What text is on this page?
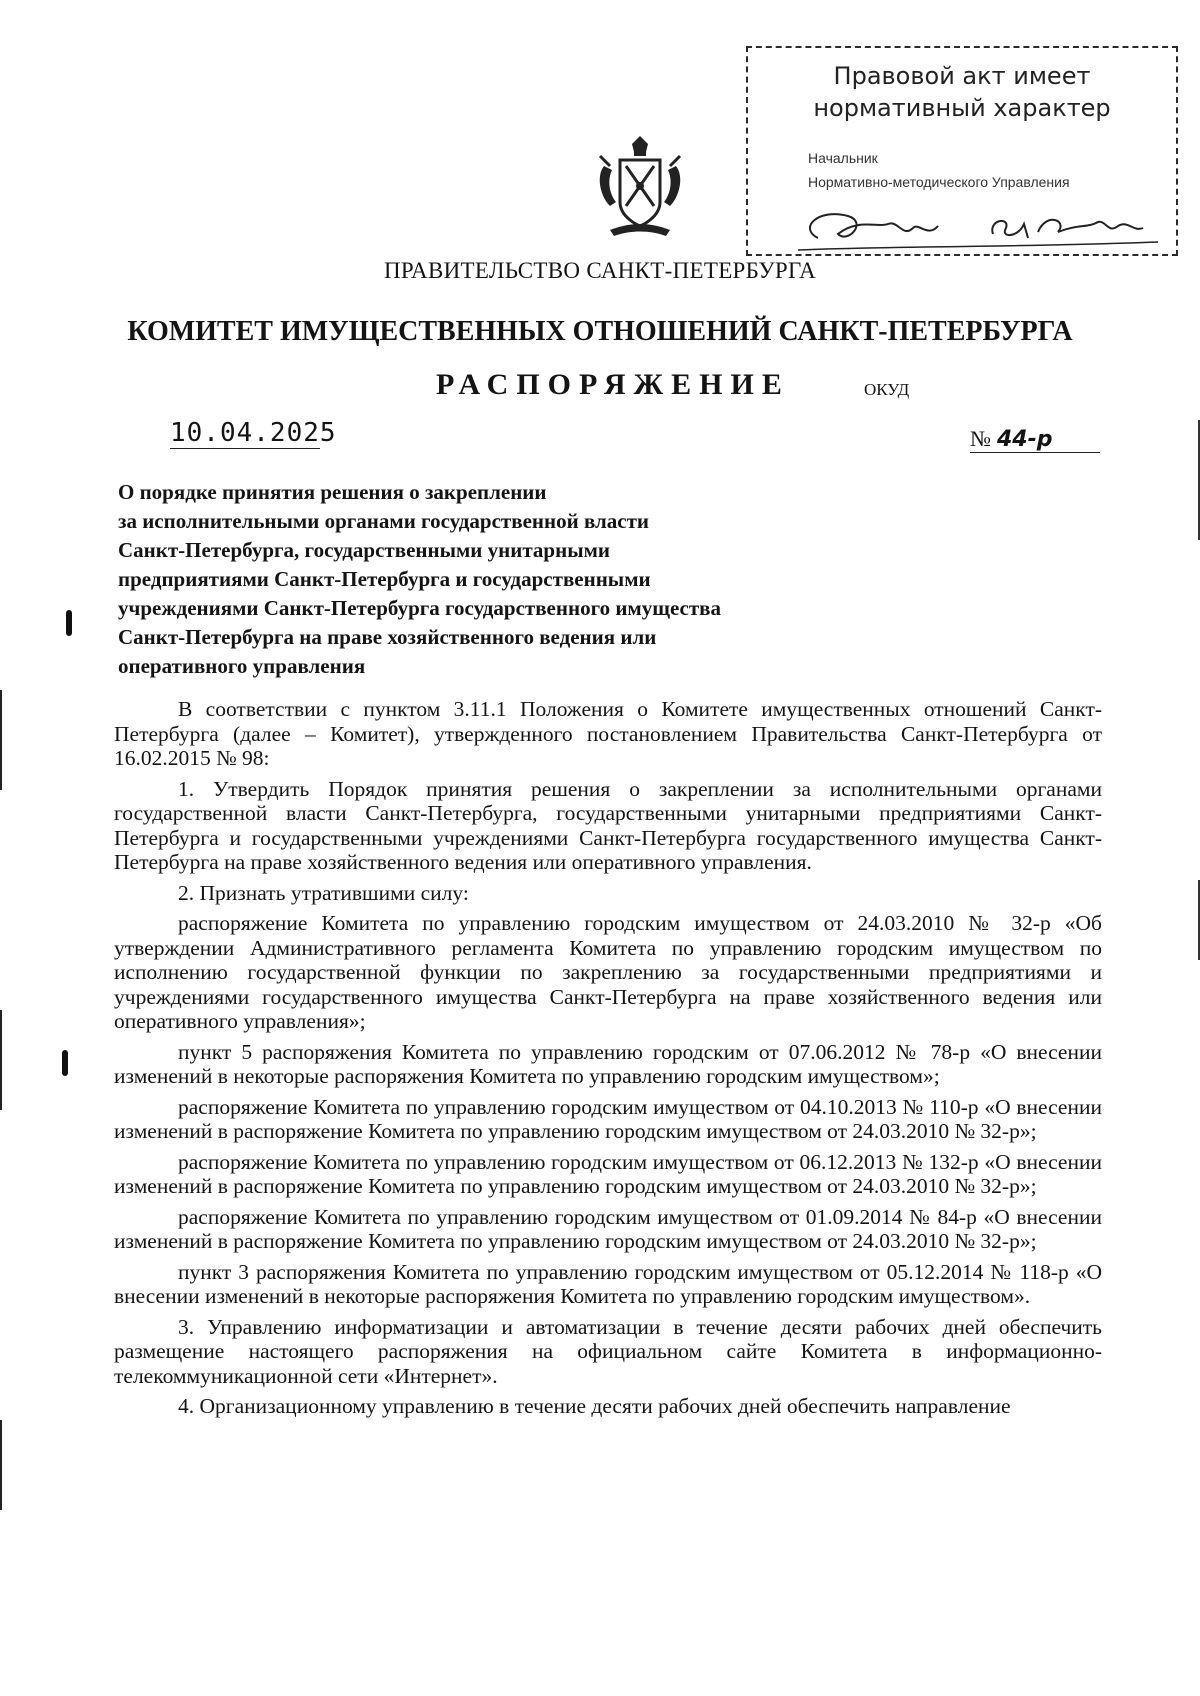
Правовой акт имеет
нормативный характер
Начальник
Нормативно-методического Управления
ПРАВИТЕЛЬСТВО САНКТ-ПЕТЕРБУРГА
КОМИТЕТ ИМУЩЕСТВЕННЫХ ОТНОШЕНИЙ САНКТ-ПЕТЕРБУРГА
РАСПОРЯЖЕНИЕ	ОКУД
10.04.2025	№ 44-р
О порядке принятия решения о закреплении
за исполнительными органами государственной власти
Санкт-Петербурга, государственными унитарными
предприятиями Санкт-Петербурга и государственными
учреждениями Санкт-Петербурга государственного имущества
Санкт-Петербурга на праве хозяйственного ведения или
оперативного управления

В соответствии с пунктом 3.11.1 Положения о Комитете имущественных отношений Санкт-Петербурга (далее – Комитет), утвержденного постановлением Правительства Санкт-Петербурга от 16.02.2015 № 98:

1. Утвердить Порядок принятия решения о закреплении за исполнительными органами государственной власти Санкт-Петербурга, государственными унитарными предприятиями Санкт-Петербурга и государственными учреждениями Санкт-Петербурга государственного имущества Санкт-Петербурга на праве хозяйственного ведения или оперативного управления.

2. Признать утратившими силу:

распоряжение Комитета по управлению городским имуществом от 24.03.2010 № 32-р «Об утверждении Административного регламента Комитета по управлению городским имуществом по исполнению государственной функции по закреплению за государственными предприятиями и учреждениями государственного имущества Санкт-Петербурга на праве хозяйственного ведения или оперативного управления»;

пункт 5 распоряжения Комитета по управлению городским от 07.06.2012 № 78-р «О внесении изменений в некоторые распоряжения Комитета по управлению городским имуществом»;

распоряжение Комитета по управлению городским имуществом от 04.10.2013 № 110-р «О внесении изменений в распоряжение Комитета по управлению городским имуществом от 24.03.2010 № 32-р»;

распоряжение Комитета по управлению городским имуществом от 06.12.2013 № 132-р «О внесении изменений в распоряжение Комитета по управлению городским имуществом от 24.03.2010 № 32-р»;

распоряжение Комитета по управлению городским имуществом от 01.09.2014 № 84-р «О внесении изменений в распоряжение Комитета по управлению городским имуществом от 24.03.2010 № 32-р»;

пункт 3 распоряжения Комитета по управлению городским имуществом от 05.12.2014 № 118-р «О внесении изменений в некоторые распоряжения Комитета по управлению городским имуществом».

3. Управлению информатизации и автоматизации в течение десяти рабочих дней обеспечить размещение настоящего распоряжения на официальном сайте Комитета в информационно-телекоммуникационной сети «Интернет».

4. Организационному управлению в течение десяти рабочих дней обеспечить направление
